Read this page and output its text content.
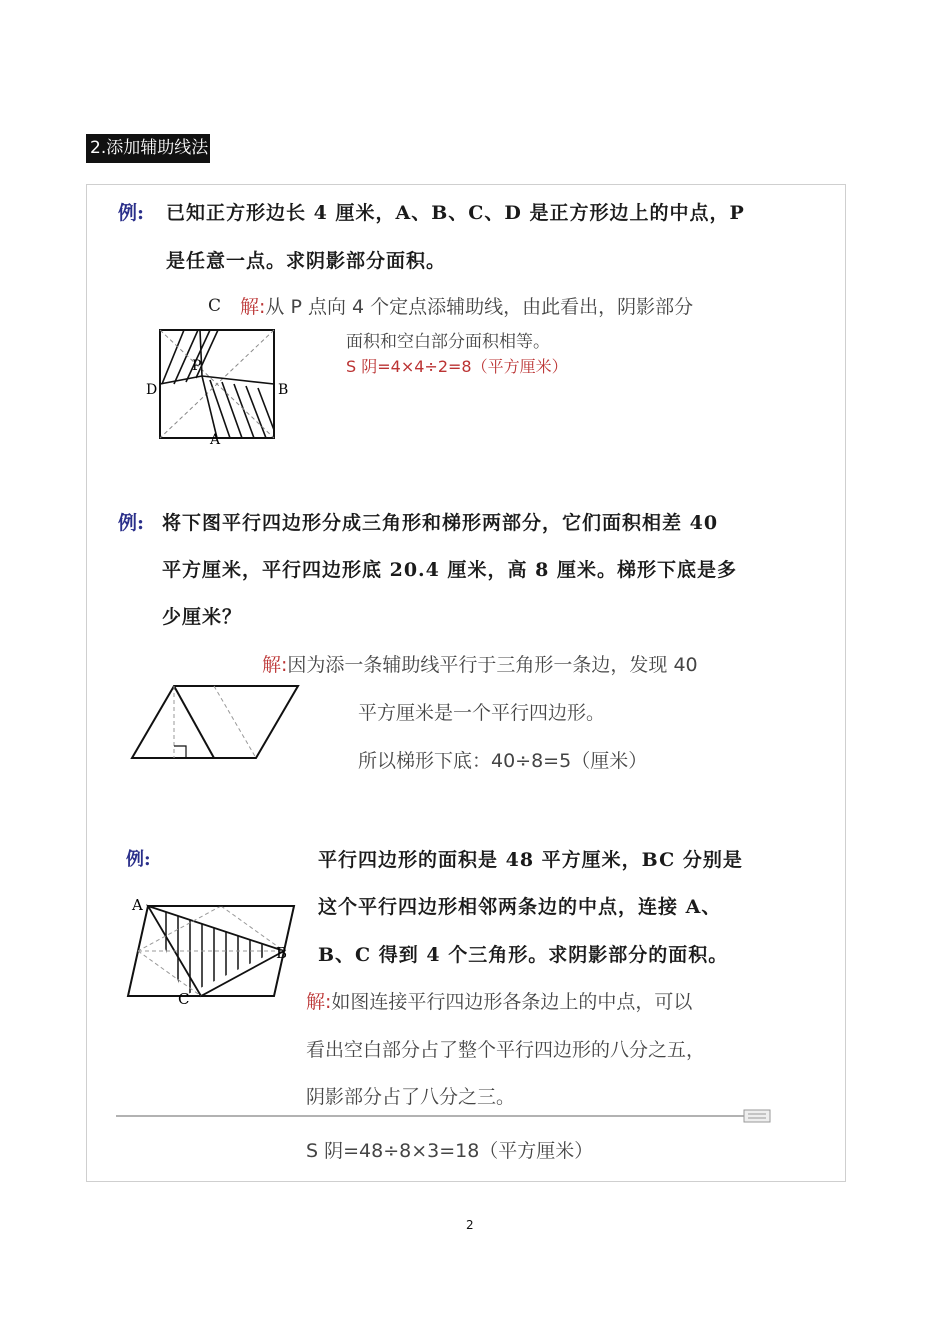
2.添加辅助线法
例: 已知正方形边长 4 厘米，A、B、C、D 是正方形边上的中点，P
是任意一点。求阴影部分面积。
C 解:从 P 点向 4 个定点添辅助线，由此看出，阴影部分
面积和空白部分面积相等。
S 阴=4×4÷2=8（平方厘米）
P
D	B
A
例: 将下图平行四边形分成三角形和梯形两部分，它们面积相差 40
平方厘米，平行四边形底 20.4 厘米，高 8 厘米。梯形下底是多
少厘米？
解:因为添一条辅助线平行于三角形一条边，发现 40
平方厘米是一个平行四边形。
所以梯形下底：40÷8=5（厘米）
例:	平行四边形的面积是 48 平方厘米，BC 分别是
这个平行四边形相邻两条边的中点，连接 A、
B、C 得到 4 个三角形。求阴影部分的面积。
解:如图连接平行四边形各条边上的中点，可以
看出空白部分占了整个平行四边形的八分之五，
阴影部分占了八分之三。
S 阴=48÷8×3=18（平方厘米）
A
B
C
2
